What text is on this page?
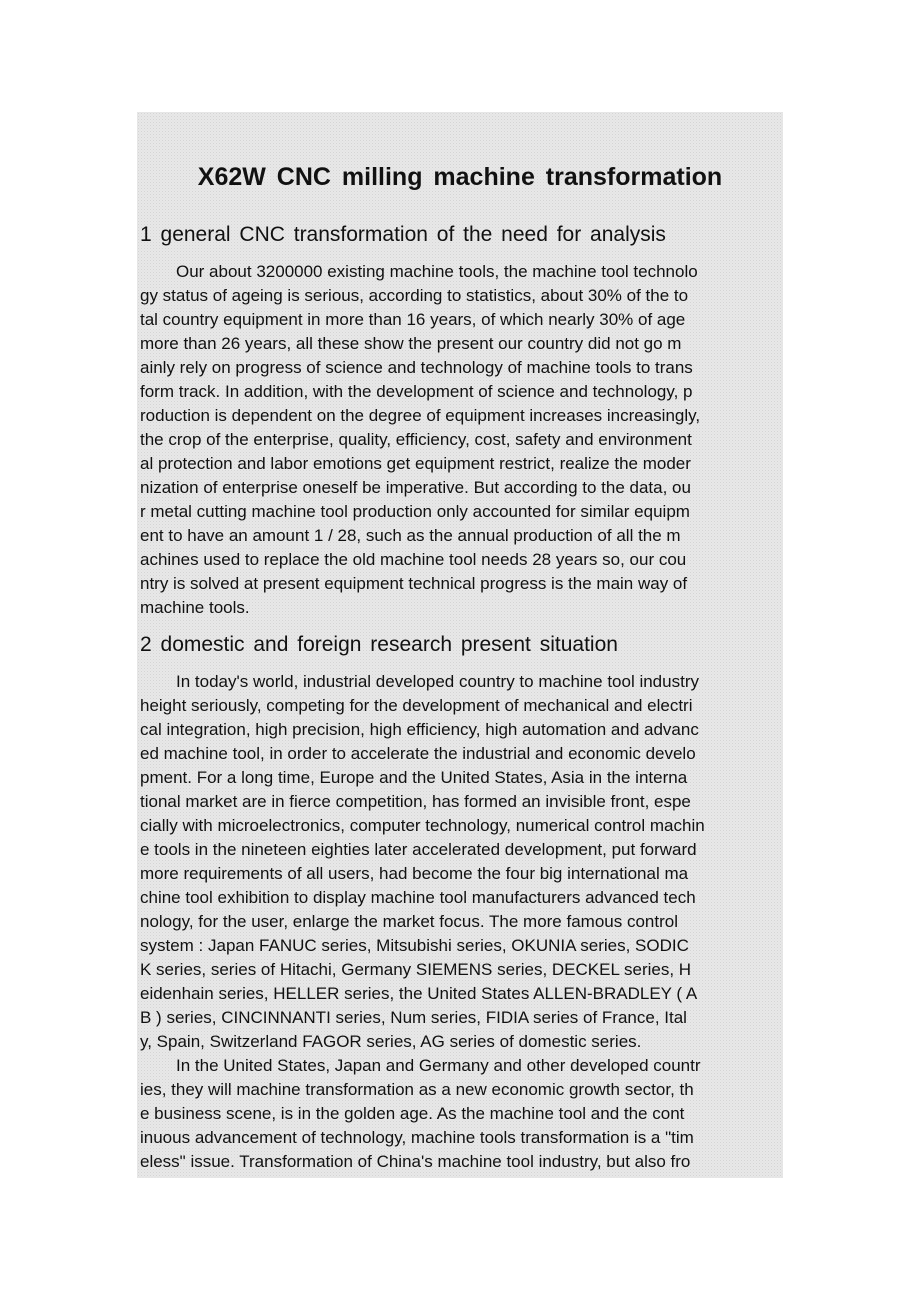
X62W CNC milling machine transformation
1 general CNC transformation of the need for analysis
Our about 3200000 existing machine tools, the machine tool technolo
gy status of ageing is serious, according to statistics, about 30% of the to
tal country equipment in more than 16 years, of which nearly 30% of age
more than 26 years, all these show the present our country did not go m
ainly rely on progress of science and technology of machine tools to trans
form track. In addition, with the development of science and technology, p
roduction is dependent on the degree of equipment increases increasingly,
the crop of the enterprise, quality, efficiency, cost, safety and environment
al protection and labor emotions get equipment restrict, realize the moder
nization of enterprise oneself be imperative. But according to the data, ou
r metal cutting machine tool production only accounted for similar equipm
ent to have an amount 1 / 28, such as the annual production of all the m
achines used to replace the old machine tool needs 28 years so, our cou
ntry is solved at present equipment technical progress is the main way of
machine tools.
2 domestic and foreign research present situation
In today's world, industrial developed country to machine tool industry
height seriously, competing for the development of mechanical and electri
cal integration, high precision, high efficiency, high automation and advanc
ed machine tool, in order to accelerate the industrial and economic develo
pment. For a long time, Europe and the United States, Asia in the interna
tional market are in fierce competition, has formed an invisible front, espe
cially with microelectronics, computer technology, numerical control machin
e tools in the nineteen eighties later accelerated development, put forward
more requirements of all users, had become the four big international ma
chine tool exhibition to display machine tool manufacturers advanced tech
nology, for the user, enlarge the market focus. The more famous control
system : Japan FANUC series, Mitsubishi series, OKUNIA series, SODIC
K series, series of Hitachi, Germany SIEMENS series, DECKEL series, H
eidenhain series, HELLER series, the United States ALLEN-BRADLEY ( A
B ) series, CINCINNANTI series, Num series, FIDIA series of France, Ital
y, Spain, Switzerland FAGOR series, AG series of domestic series.
In the United States, Japan and Germany and other developed countr
ies, they will machine transformation as a new economic growth sector, th
e business scene, is in the golden age. As the machine tool and the cont
inuous advancement of technology, machine tools transformation is a "tim
eless" issue. Transformation of China's machine tool industry, but also fro
